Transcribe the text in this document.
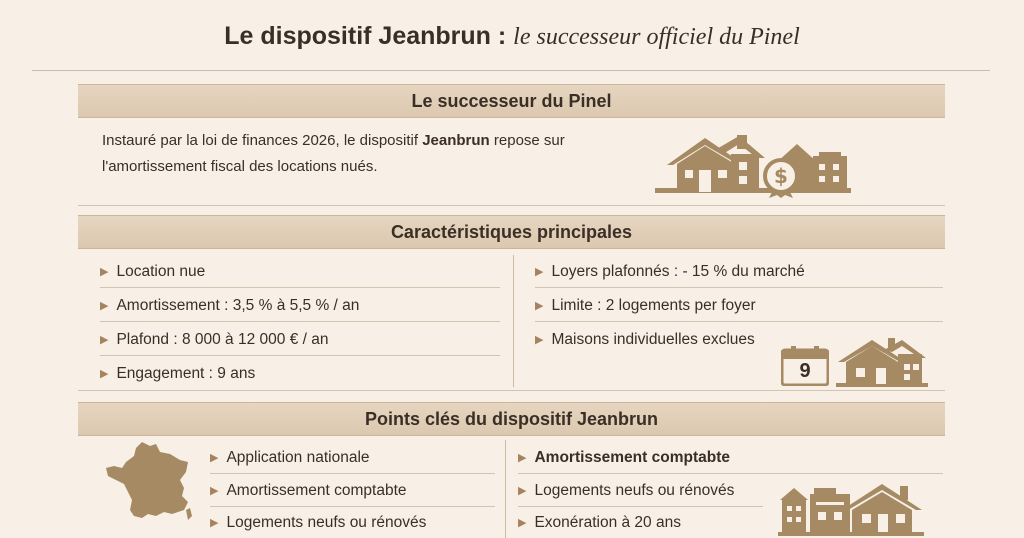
Le dispositif Jeanbrun : le successeur officiel du Pinel
Le successeur du Pinel
Instauré par la loi de finances 2026, le dispositif Jeanbrun repose sur
l'amortissement fiscal des locations nués.	$
Caractéristiques principales
▶ Location nue
▶ Amortissement : 3,5 % à 5,5 % / an
▶ Plafond : 8 000 à 12 000 € / an
▶ Engagement : 9 ans
▶ Loyers plafonnés : - 15 % du marché
▶ Limite : 2 logements per foyer
▶ Maisons individuelles exclues
9
Points clés du dispositif Jeanbrun
▶ Application nationale
▶ Amortissement comptabte
▶ Logements neufs ou rénovés
▶ Amortissement comptabte
▶ Logements neufs ou rénovés
▶ Exonération à 20 ans
